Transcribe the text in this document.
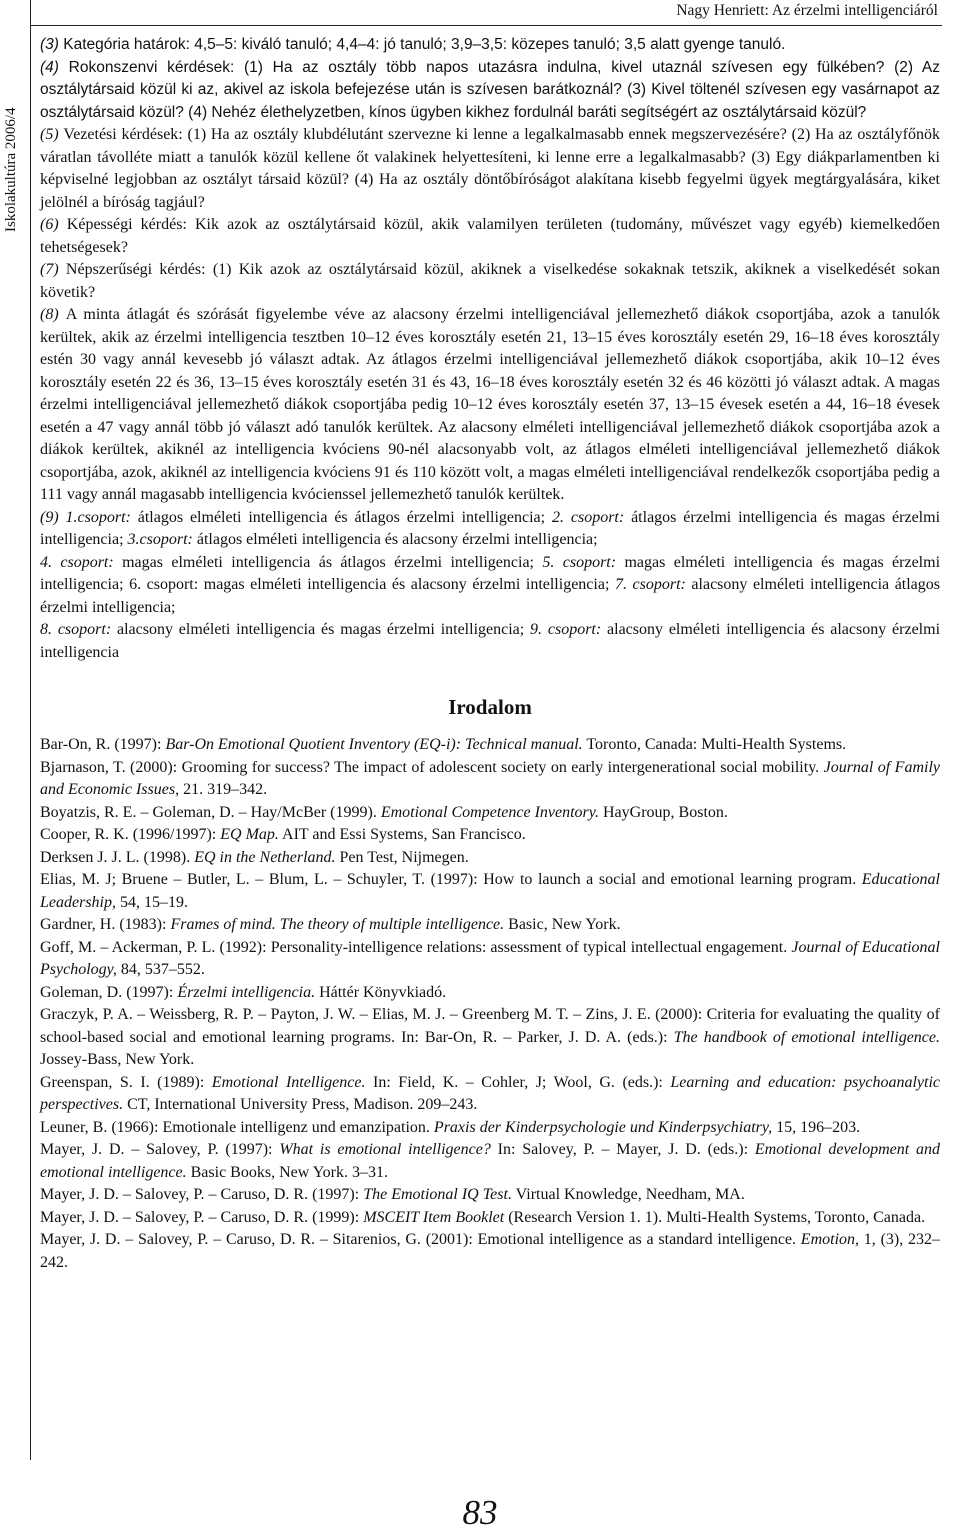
Iskolakultúra 2006/4
Nagy Henriett: Az érzelmi intelligenciáról

(3) Kategória határok: 4,5–5: kiváló tanuló; 4,4–4: jó tanuló; 3,9–3,5: közepes tanuló; 3,5 alatt gyenge tanuló.

(4) Rokonszenvi kérdések: (1) Ha az osztály több napos utazásra indulna, kivel utaznál szívesen egy fülkében? (2) Az osztálytársaid közül ki az, akivel az iskola befejezése után is szívesen barátkoznál? (3) Kivel töltenél szívesen egy vasárnapot az osztálytársaid közül? (4) Nehéz élethelyzetben, kínos ügyben kikhez fordulnál baráti segítségért az osztálytársaid közül?

(5) Vezetési kérdések: (1) Ha az osztály klubdélutánt szervezne ki lenne a legalkalmasabb ennek megszervezésére? (2) Ha az osztályfőnök váratlan távolléte miatt a tanulók közül kellene őt valakinek helyettesíteni, ki lenne erre a legalkalmasabb? (3) Egy diákparlamentben ki képviselné legjobban az osztályt társaid közül? (4) Ha az osztály döntőbíróságot alakítana kisebb fegyelmi ügyek megtárgyalására, kiket jelölnél a bíróság tagjául?

(6) Képességi kérdés: Kik azok az osztálytársaid közül, akik valamilyen területen (tudomány, művészet vagy egyéb) kiemelkedően tehetségesek?

(7) Népszerűségi kérdés: (1) Kik azok az osztálytársaid közül, akiknek a viselkedése sokaknak tetszik, akiknek a viselkedését sokan követik?

(8) A minta átlagát és szórását figyelembe véve az alacsony érzelmi intelligenciával jellemezhető diákok csoportjába, azok a tanulók kerültek, akik az érzelmi intelligencia tesztben 10–12 éves korosztály esetén 21, 13–15 éves korosztály esetén 29, 16–18 éves korosztály estén 30 vagy annál kevesebb jó választ adtak. Az átlagos érzelmi intelligenciával jellemezhető diákok csoportjába, akik 10–12 éves korosztály esetén 22 és 36, 13–15 éves korosztály esetén 31 és 43, 16–18 éves korosztály esetén 32 és 46 közötti jó választ adtak. A magas érzelmi intelligenciával jellemezhető diákok csoportjába pedig 10–12 éves korosztály esetén 37, 13–15 évesek esetén a 44, 16–18 évesek esetén a 47 vagy annál több jó választ adó tanulók kerültek. Az alacsony elméleti intelligenciával jellemezhető diákok csoportjába azok a diákok kerültek, akiknél az intelligencia kvóciens 90-nél alacsonyabb volt, az átlagos elméleti intelligenciával jellemezhető diákok csoportjába, azok, akiknél az intelligencia kvóciens 91 és 110 között volt, a magas elméleti intelligenciával rendelkezők csoportjába pedig a 111 vagy annál magasabb intelligencia kvócienssel jellemezhető tanulók kerültek.

(9) 1.csoport: átlagos elméleti intelligencia és átlagos érzelmi intelligencia; 2. csoport: átlagos érzelmi intelligencia és magas érzelmi intelligencia; 3.csoport: átlagos elméleti intelligencia és alacsony érzelmi intelligencia;

4. csoport: magas elméleti intelligencia ás átlagos érzelmi intelligencia; 5. csoport: magas elméleti intelligencia és magas érzelmi intelligencia; 6. csoport: magas elméleti intelligencia és alacsony érzelmi intelligencia; 7. csoport: alacsony elméleti intelligencia átlagos érzelmi intelligencia;

8. csoport: alacsony elméleti intelligencia és magas érzelmi intelligencia; 9. csoport: alacsony elméleti intelligencia és alacsony érzelmi intelligencia

Irodalom

Bar-On, R. (1997): Bar-On Emotional Quotient Inventory (EQ-i): Technical manual. Toronto, Canada: Multi-Health Systems.

Bjarnason, T. (2000): Grooming for success? The impact of adolescent society on early intergenerational social mobility. Journal of Family and Economic Issues, 21. 319–342.

Boyatzis, R. E. – Goleman, D. – Hay/McBer (1999). Emotional Competence Inventory. HayGroup, Boston.

Cooper, R. K. (1996/1997): EQ Map. AIT and Essi Systems, San Francisco.

Derksen J. J. L. (1998). EQ in the Netherland. Pen Test, Nijmegen.

Elias, M. J; Bruene – Butler, L. – Blum, L. – Schuyler, T. (1997): How to launch a social and emotional learning program. Educational Leadership, 54, 15–19.

Gardner, H. (1983): Frames of mind. The theory of multiple intelligence. Basic, New York.

Goff, M. – Ackerman, P. L. (1992): Personality-intelligence relations: assessment of typical intellectual engagement. Journal of Educational Psychology, 84, 537–552.

Goleman, D. (1997): Érzelmi intelligencia. Háttér Könyvkiadó.

Graczyk, P. A. – Weissberg, R. P. – Payton, J. W. – Elias, M. J. – Greenberg M. T. – Zins, J. E. (2000): Criteria for evaluating the quality of school-based social and emotional learning programs. In: Bar-On, R. – Parker, J. D. A. (eds.): The handbook of emotional intelligence. Jossey-Bass, New York.

Greenspan, S. I. (1989): Emotional Intelligence. In: Field, K. – Cohler, J; Wool, G. (eds.): Learning and education: psychoanalytic perspectives. CT, International University Press, Madison. 209–243.

Leuner, B. (1966): Emotionale intelligenz und emanzipation. Praxis der Kinderpsychologie und Kinderpsychiatry, 15, 196–203.

Mayer, J. D. – Salovey, P. (1997): What is emotional intelligence? In: Salovey, P. – Mayer, J. D. (eds.): Emotional development and emotional intelligence. Basic Books, New York. 3–31.

Mayer, J. D. – Salovey, P. – Caruso, D. R. (1997): The Emotional IQ Test. Virtual Knowledge, Needham, MA.

Mayer, J. D. – Salovey, P. – Caruso, D. R. (1999): MSCEIT Item Booklet (Research Version 1. 1). Multi-Health Systems, Toronto, Canada.

Mayer, J. D. – Salovey, P. – Caruso, D. R. – Sitarenios, G. (2001): Emotional intelligence as a standard intelligence. Emotion, 1, (3), 232–242.

83
